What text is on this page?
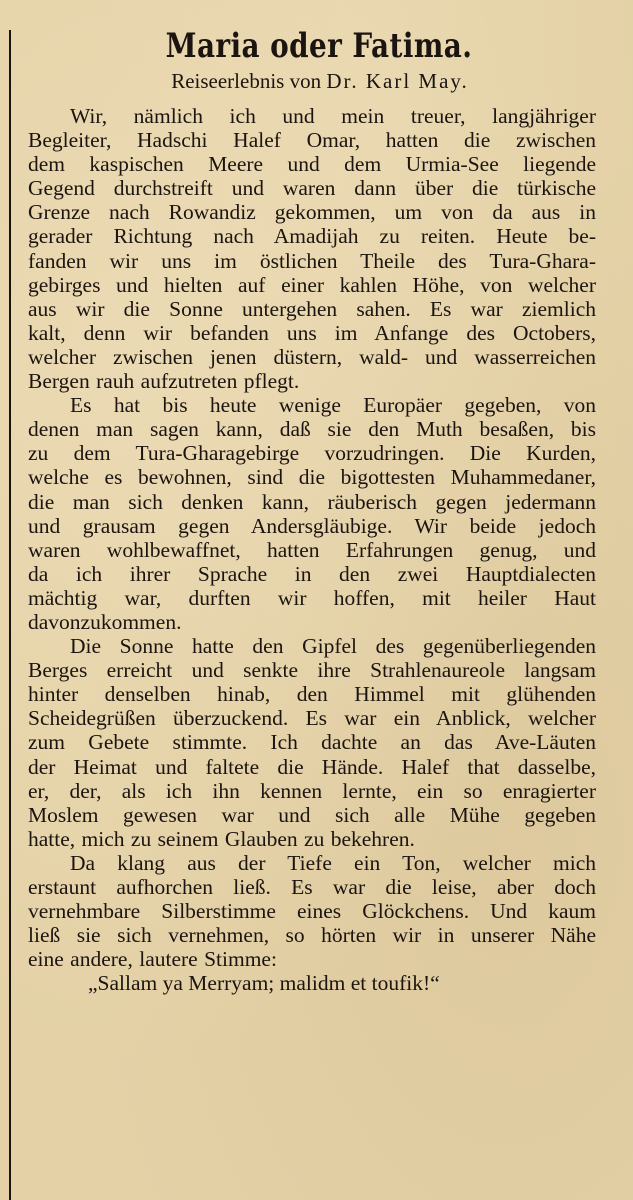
Maria oder Fatima.
Reiseerlebnis von Dr. Karl May.

Wir, nämlich ich und mein treuer, langjähriger
Begleiter, Hadschi Halef Omar, hatten die zwischen
dem kaspischen Meere und dem Urmia-See liegende
Gegend durchstreift und waren dann über die türkische
Grenze nach Rowandiz gekommen, um von da aus in
gerader Richtung nach Amadijah zu reiten. Heute be-
fanden wir uns im östlichen Theile des Tura-Ghara-
gebirges und hielten auf einer kahlen Höhe, von welcher
aus wir die Sonne untergehen sahen. Es war ziemlich
kalt, denn wir befanden uns im Anfange des Octobers,
welcher zwischen jenen düstern, wald- und wasserreichen
Bergen rauh aufzutreten pflegt.

Es hat bis heute wenige Europäer gegeben, von
denen man sagen kann, daß sie den Muth besaßen, bis
zu dem Tura-Gharagebirge vorzudringen. Die Kurden,
welche es bewohnen, sind die bigottesten Muhammedaner,
die man sich denken kann, räuberisch gegen jedermann
und grausam gegen Andersgläubige. Wir beide jedoch
waren wohlbewaffnet, hatten Erfahrungen genug, und
da ich ihrer Sprache in den zwei Hauptdialecten
mächtig war, durften wir hoffen, mit heiler Haut
davonzukommen.

Die Sonne hatte den Gipfel des gegenüberliegenden
Berges erreicht und senkte ihre Strahlenaureole langsam
hinter denselben hinab, den Himmel mit glühenden
Scheidegrüßen überzuckend. Es war ein Anblick, welcher
zum Gebete stimmte. Ich dachte an das Ave-Läuten
der Heimat und faltete die Hände. Halef that dasselbe,
er, der, als ich ihn kennen lernte, ein so enragierter
Moslem gewesen war und sich alle Mühe gegeben
hatte, mich zu seinem Glauben zu bekehren.

Da klang aus der Tiefe ein Ton, welcher mich
erstaunt aufhorchen ließ. Es war die leise, aber doch
vernehmbare Silberstimme eines Glöckchens. Und kaum
ließ sie sich vernehmen, so hörten wir in unserer Nähe
eine andere, lautere Stimme:

„Sallam ya Merryam; malidm et toufik!“
